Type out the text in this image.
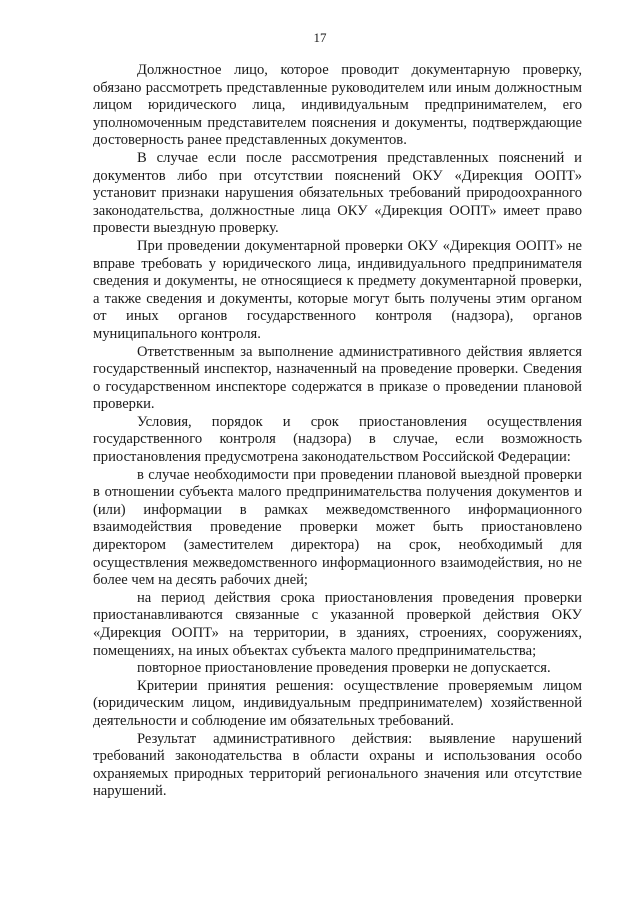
17

Должностное лицо, которое проводит документарную проверку, обязано рассмотреть представленные руководителем или иным должностным лицом юридического лица, индивидуальным предпринимателем, его уполномоченным представителем пояснения и документы, подтверждающие достоверность ранее представленных документов.

В случае если после рассмотрения представленных пояснений и документов либо при отсутствии пояснений ОКУ «Дирекция ООПТ» установит признаки нарушения обязательных требований природоохранного законодательства, должностные лица ОКУ «Дирекция ООПТ» имеет право провести выездную проверку.

При проведении документарной проверки ОКУ «Дирекция ООПТ» не вправе требовать у юридического лица, индивидуального предпринимателя сведения и документы, не относящиеся к предмету документарной проверки, а также сведения и документы, которые могут быть получены этим органом от иных органов государственного контроля (надзора), органов муниципального контроля.

Ответственным за выполнение административного действия является государственный инспектор, назначенный на проведение проверки. Сведения о государственном инспекторе содержатся в приказе о проведении плановой проверки.

Условия, порядок и срок приостановления осуществления государственного контроля (надзора) в случае, если возможность приостановления предусмотрена законодательством Российской Федерации:

в случае необходимости при проведении плановой выездной проверки в отношении субъекта малого предпринимательства получения документов и (или) информации в рамках межведомственного информационного взаимодействия проведение проверки может быть приостановлено директором (заместителем директора) на срок, необходимый для осуществления межведомственного информационного взаимодействия, но не более чем на десять рабочих дней;

на период действия срока приостановления проведения проверки приостанавливаются связанные с указанной проверкой действия ОКУ «Дирекция ООПТ» на территории, в зданиях, строениях, сооружениях, помещениях, на иных объектах субъекта малого предпринимательства;

повторное приостановление проведения проверки не допускается.

Критерии принятия решения: осуществление проверяемым лицом (юридическим лицом, индивидуальным предпринимателем) хозяйственной деятельности и соблюдение им обязательных требований.

Результат административного действия: выявление нарушений требований законодательства в области охраны и использования особо охраняемых природных территорий регионального значения или отсутствие нарушений.
